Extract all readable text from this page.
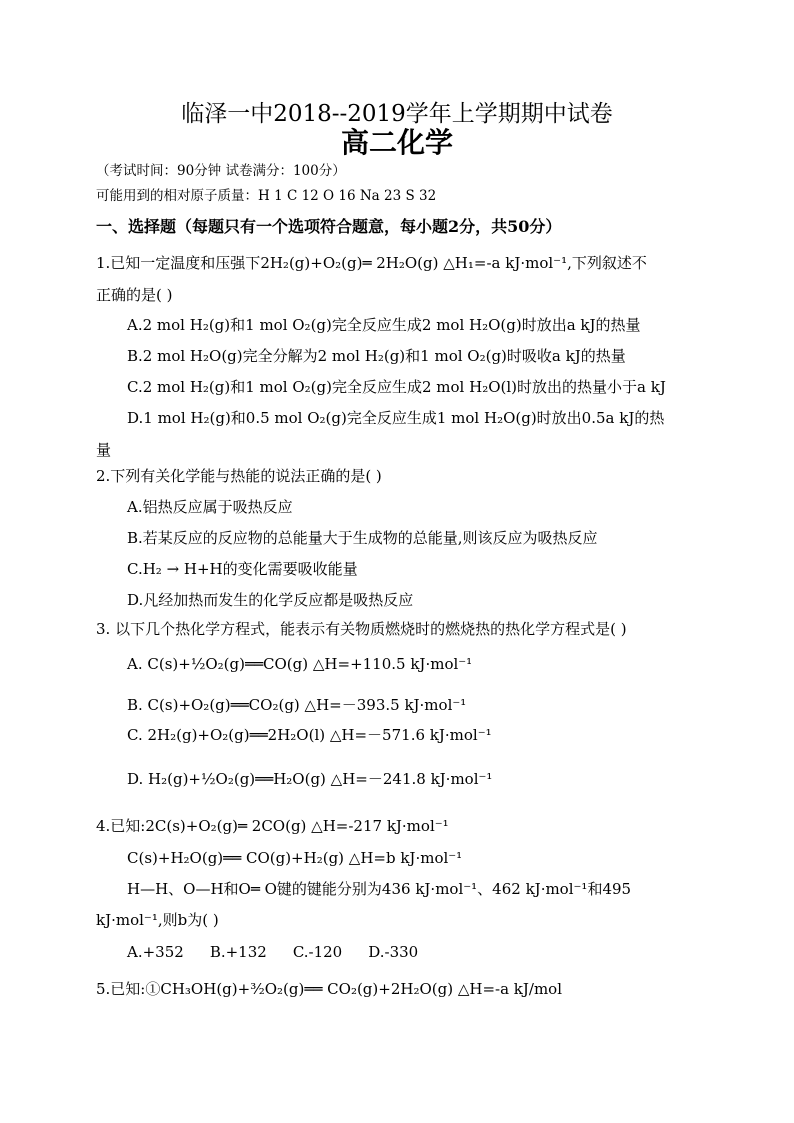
临泽一中2018--2019学年上学期期中试卷
高二化学
（考试时间：90分钟 试卷满分：100分）
可能用到的相对原子质量：H 1 C 12 O 16 Na 23 S 32
一、选择题（每题只有一个选项符合题意，每小题2分，共50分）
1.已知一定温度和压强下2H₂(g)+O₂(g)═ 2H₂O(g) △H₁=-a kJ·mol⁻¹,下列叙述不
正确的是( )
A.2 mol H₂(g)和1 mol O₂(g)完全反应生成2 mol H₂O(g)时放出a kJ的热量
B.2 mol H₂O(g)完全分解为2 mol H₂(g)和1 mol O₂(g)时吸收a kJ的热量
C.2 mol H₂(g)和1 mol O₂(g)完全反应生成2 mol H₂O(l)时放出的热量小于a kJ
D.1 mol H₂(g)和0.5 mol O₂(g)完全反应生成1 mol H₂O(g)时放出0.5a kJ的热
量
2.下列有关化学能与热能的说法正确的是( )
A.铝热反应属于吸热反应
B.若某反应的反应物的总能量大于生成物的总能量,则该反应为吸热反应
C.H₂ → H+H的变化需要吸收能量
D.凡经加热而发生的化学反应都是吸热反应
3. 以下几个热化学方程式，能表示有关物质燃烧时的燃烧热的热化学方程式是( )
A. C(s)+½O₂(g)══CO(g) △H=+110.5 kJ·mol⁻¹
B. C(s)+O₂(g)══CO₂(g) △H=－393.5 kJ·mol⁻¹
C. 2H₂(g)+O₂(g)══2H₂O(l) △H=－571.6 kJ·mol⁻¹
D. H₂(g)+½O₂(g)══H₂O(g) △H=－241.8 kJ·mol⁻¹
4.已知:2C(s)+O₂(g)═ 2CO(g) △H=-217 kJ·mol⁻¹
C(s)+H₂O(g)══ CO(g)+H₂(g) △H=b kJ·mol⁻¹
H—H、O—H和O═ O键的键能分别为436 kJ·mol⁻¹、462 kJ·mol⁻¹和495
kJ·mol⁻¹,则b为( )
A.+352 B.+132 C.-120 D.-330
5.已知:①CH₃OH(g)+³⁄₂O₂(g)══ CO₂(g)+2H₂O(g) △H=-a kJ/mol
